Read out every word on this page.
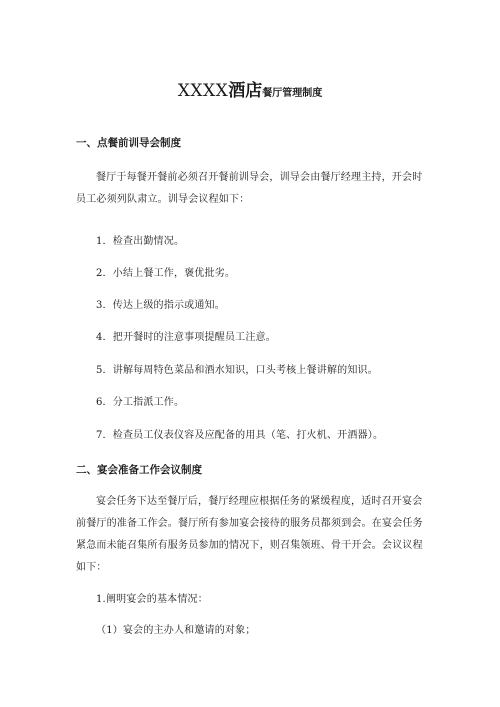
XXXX酒店餐厅管理制度
一、点餐前训导会制度
餐厅于每餐开餐前必须召开餐前训导会，训导会由餐厅经理主持，开会时员工必须列队肃立。训导会议程如下：
1．检查出勤情况。
2．小结上餐工作，褒优批劣。
3．传达上级的指示或通知。
4．把开餐时的注意事项提醒员工注意。
5．讲解每周特色菜品和酒水知识，口头考核上餐讲解的知识。
6．分工指派工作。
7．检查员工仪表仪容及应配备的用具（笔、打火机、开酒器）。
二、宴会准备工作会议制度
宴会任务下达至餐厅后，餐厅经理应根据任务的紧缓程度，适时召开宴会前餐厅的准备工作会。餐厅所有参加宴会接待的服务员都须到会。在宴会任务紧急而未能召集所有服务员参加的情况下，则召集领班、骨干开会。会议议程如下：
1.阐明宴会的基本情况：
（1）宴会的主办人和邀请的对象；
